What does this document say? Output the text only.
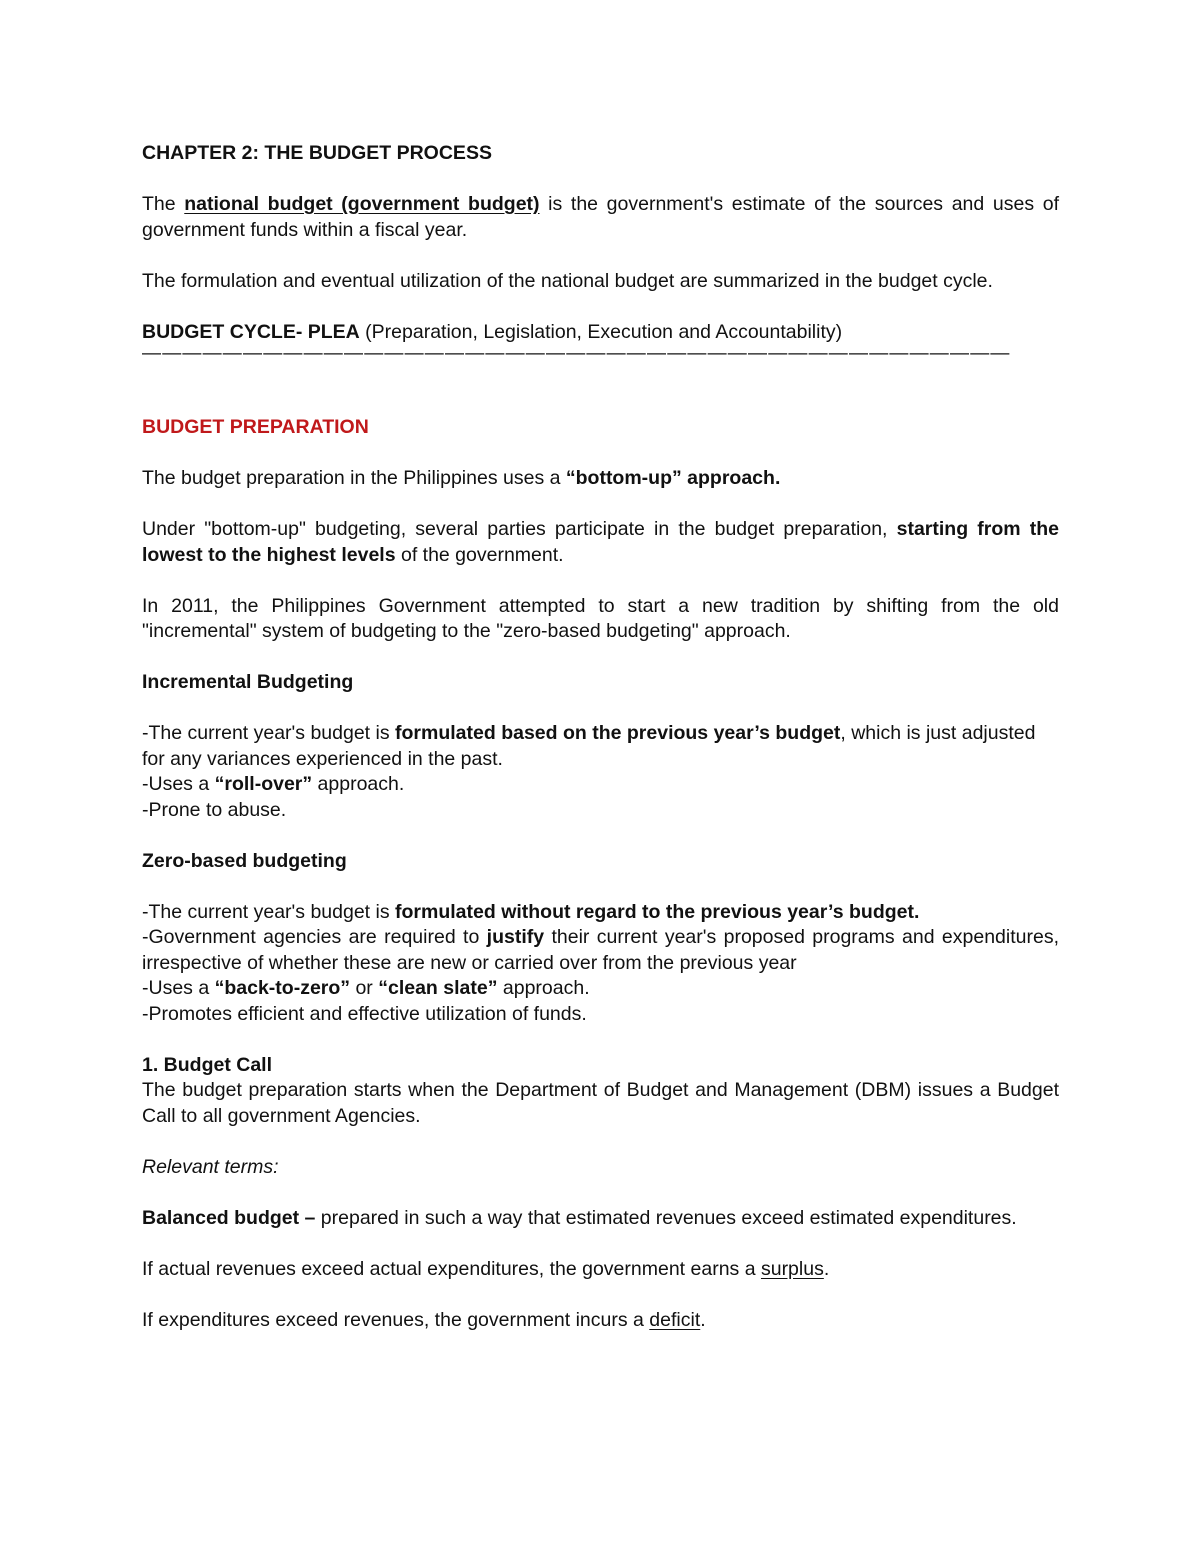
CHAPTER 2: THE BUDGET PROCESS

The national budget (government budget) is the government's estimate of the sources and uses of government funds within a fiscal year.

The formulation and eventual utilization of the national budget are summarized in the budget cycle.

BUDGET CYCLE- PLEA (Preparation, Legislation, Execution and Accountability)

———————————————————————————————————————————

BUDGET PREPARATION

The budget preparation in the Philippines uses a “bottom-up” approach.

Under "bottom-up" budgeting, several parties participate in the budget preparation, starting from the lowest to the highest levels of the government.

In 2011, the Philippines Government attempted to start a new tradition by shifting from the old "incremental" system of budgeting to the "zero-based budgeting" approach.

Incremental Budgeting

-The current year's budget is formulated based on the previous year’s budget, which is just adjusted for any variances experienced in the past.

-Uses a “roll-over” approach.

-Prone to abuse.

Zero-based budgeting

-The current year's budget is formulated without regard to the previous year’s budget.

-Government agencies are required to justify their current year's proposed programs and expenditures, irrespective of whether these are new or carried over from the previous year

-Uses a “back-to-zero” or “clean slate” approach.

-Promotes efficient and effective utilization of funds.

1. Budget Call

The budget preparation starts when the Department of Budget and Management (DBM) issues a Budget Call to all government Agencies.

Relevant terms:

Balanced budget – prepared in such a way that estimated revenues exceed estimated expenditures.

If actual revenues exceed actual expenditures, the government earns a surplus.

If expenditures exceed revenues, the government incurs a deficit.
